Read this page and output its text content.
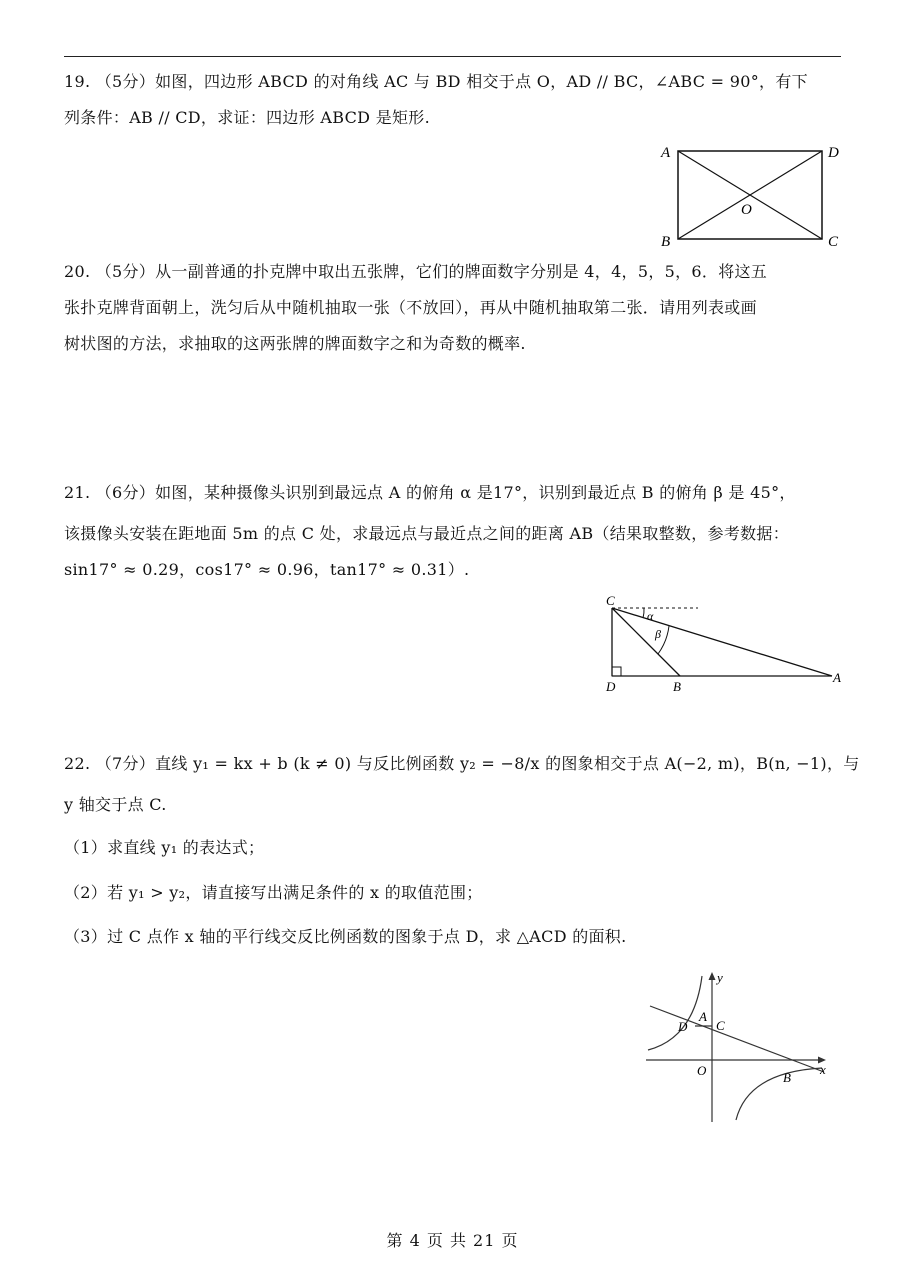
19. （5分）如图，四边形 ABCD 的对角线 AC 与 BD 相交于点 O，AD // BC，∠ABC = 90°，有下
列条件：AB // CD，求证：四边形 ABCD 是矩形.
A	D
B	C
O
20. （5分）从一副普通的扑克牌中取出五张牌，它们的牌面数字分别是 4，4，5，5，6．将这五
张扑克牌背面朝上，洗匀后从中随机抽取一张（不放回），再从中随机抽取第二张．请用列表或画
树状图的方法，求抽取的这两张牌的牌面数字之和为奇数的概率.
21. （6分）如图，某种摄像头识别到最远点 A 的俯角 α 是17°，识别到最近点 B 的俯角 β 是 45°，
该摄像头安装在距地面 5m 的点 C 处，求最远点与最近点之间的距离 AB（结果取整数，参考数据：
sin17° ≈ 0.29，cos17° ≈ 0.96，tan17° ≈ 0.31）.
C
D	B
A
α
β
22. （7分）直线 y₁ = kx + b (k ≠ 0) 与反比例函数 y₂ = −8/x 的图象相交于点 A(−2, m)，B(n, −1)，与
y 轴交于点 C.
（1）求直线 y₁ 的表达式；
（2）若 y₁ > y₂，请直接写出满足条件的 x 的取值范围；
（3）过 C 点作 x 轴的平行线交反比例函数的图象于点 D，求 △ACD 的面积.
y
x
O
A
D C
B
第 4 页 共 21 页
